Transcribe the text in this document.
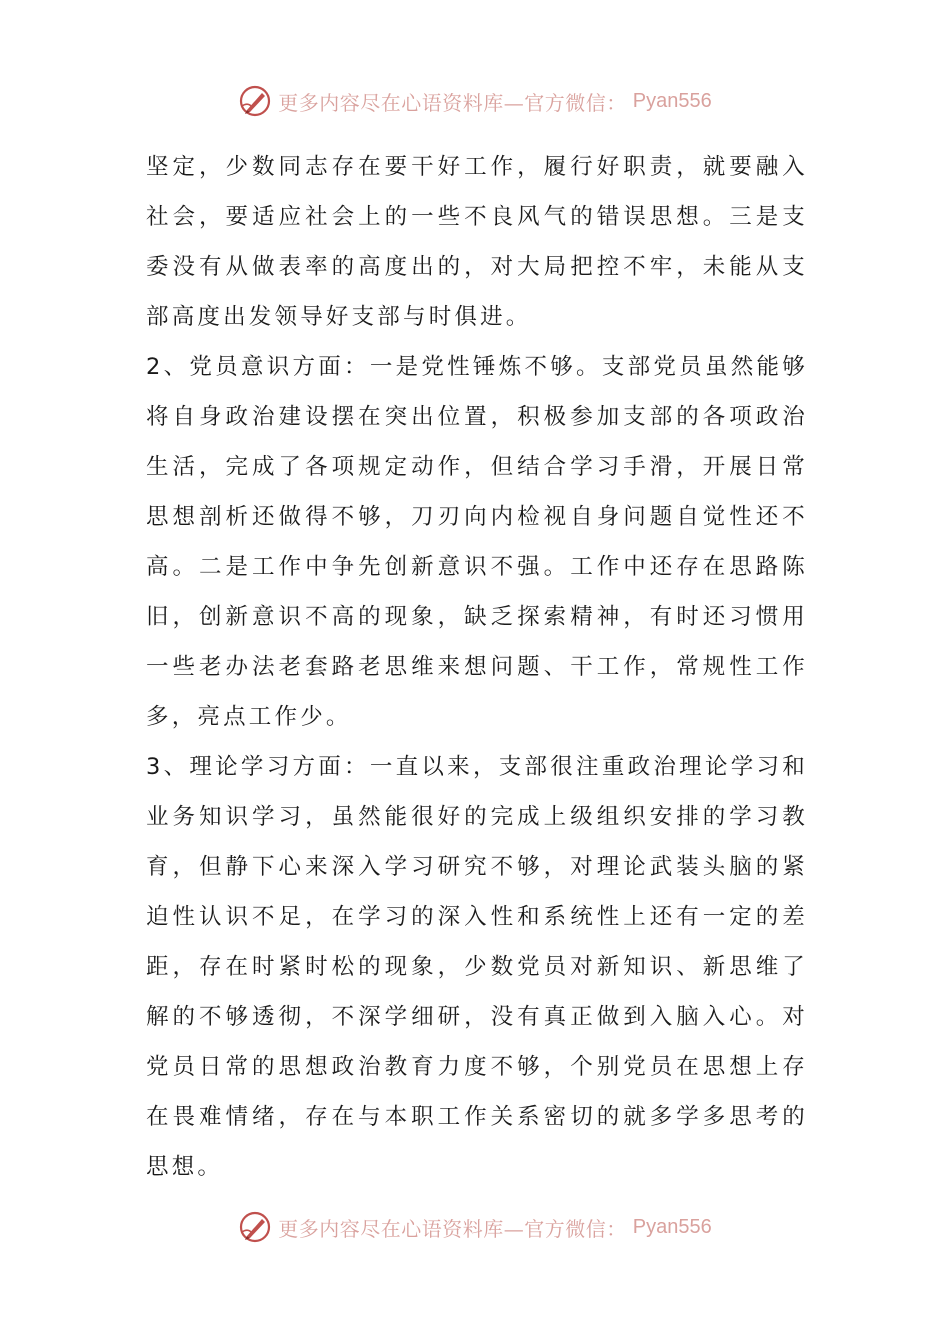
更多内容尽在心语资料库—官方微信： Pyan556

坚定，少数同志存在要干好工作，履行好职责，就要融入社会，要适应社会上的一些不良风气的错误思想。三是支委没有从做表率的高度出的，对大局把控不牢，未能从支部高度出发领导好支部与时俱进。

2、党员意识方面：一是党性锤炼不够。支部党员虽然能够将自身政治建设摆在突出位置，积极参加支部的各项政治生活，完成了各项规定动作，但结合学习手滑，开展日常思想剖析还做得不够，刀刃向内检视自身问题自觉性还不高。二是工作中争先创新意识不强。工作中还存在思路陈旧，创新意识不高的现象，缺乏探索精神，有时还习惯用一些老办法老套路老思维来想问题、干工作，常规性工作多，亮点工作少。

3、理论学习方面：一直以来，支部很注重政治理论学习和业务知识学习，虽然能很好的完成上级组织安排的学习教育，但静下心来深入学习研究不够，对理论武装头脑的紧迫性认识不足，在学习的深入性和系统性上还有一定的差距，存在时紧时松的现象，少数党员对新知识、新思维了解的不够透彻，不深学细研，没有真正做到入脑入心。对党员日常的思想政治教育力度不够，个别党员在思想上存在畏难情绪，存在与本职工作关系密切的就多学多思考的思想。

更多内容尽在心语资料库—官方微信： Pyan556
